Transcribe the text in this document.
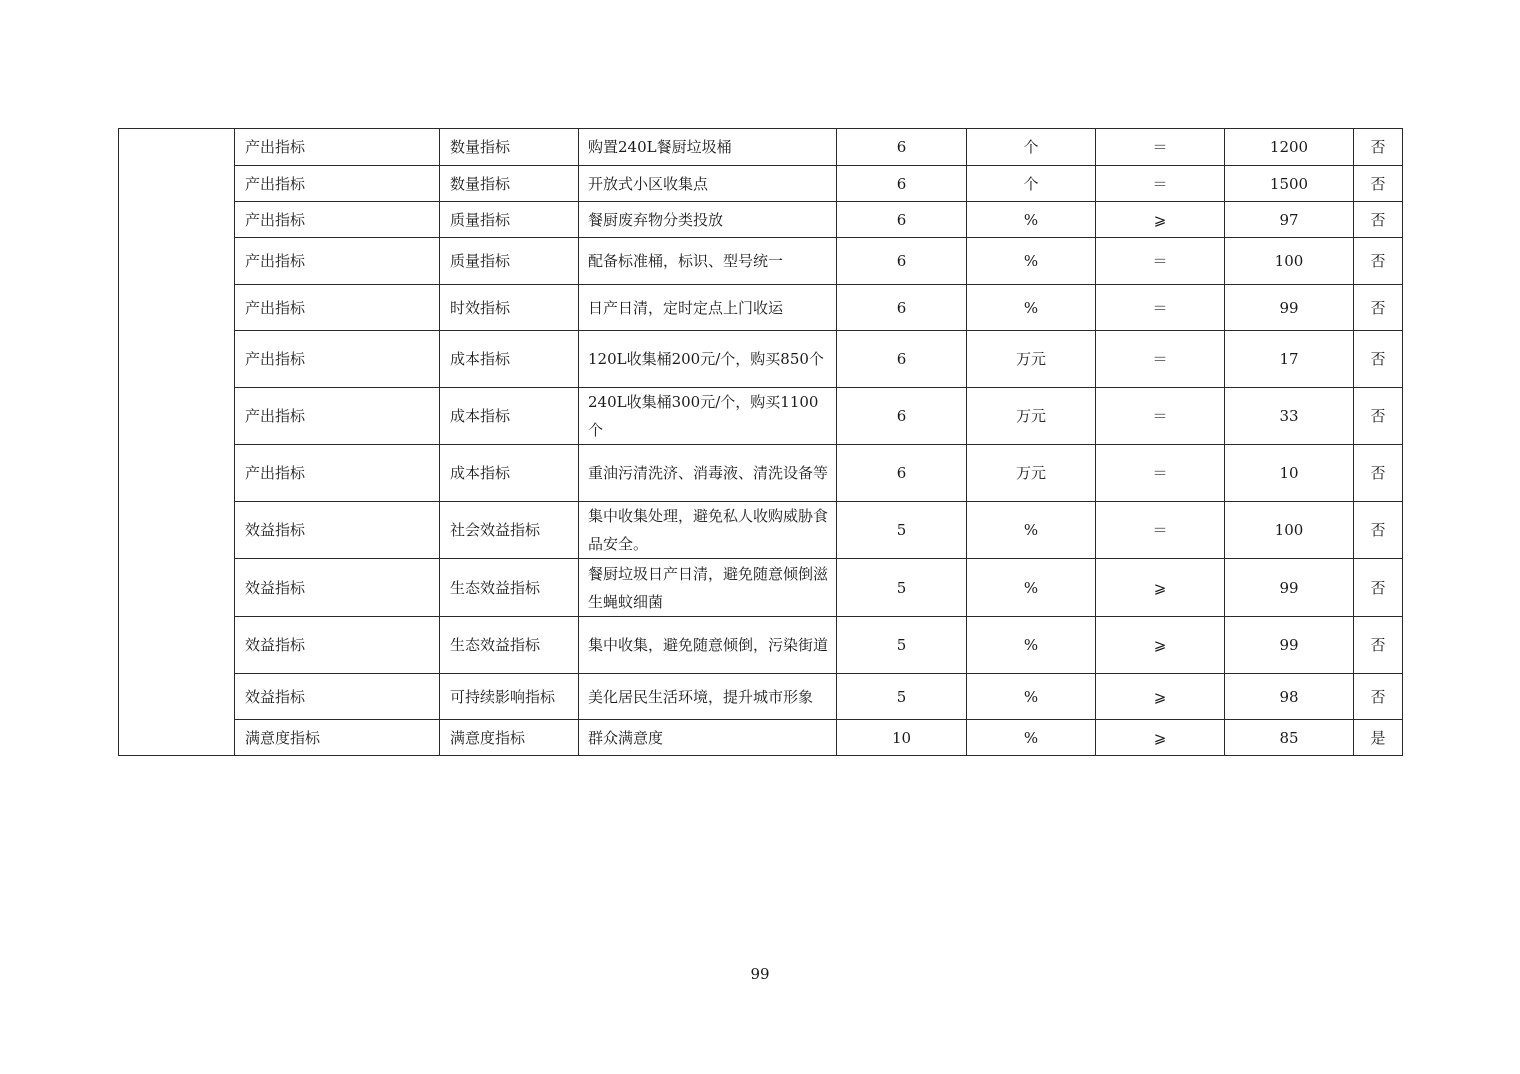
	产出指标	数量指标	购置240L餐厨垃圾桶	6	个	＝	1200	否
	产出指标	数量指标	开放式小区收集点	6	个	＝	1500	否
	产出指标	质量指标	餐厨废弃物分类投放	6	%	⩾	97	否
	产出指标	质量指标	配备标准桶，标识、型号统一	6	%	＝	100	否
	产出指标	时效指标	日产日清，定时定点上门收运	6	%	＝	99	否
	产出指标	成本指标	120L收集桶200元/个，购买850个	6	万元	＝	17	否
	产出指标	成本指标	240L收集桶300元/个，购买1100个	6	万元	＝	33	否
	产出指标	成本指标	重油污清洗济、消毒液、清洗设备等	6	万元	＝	10	否
	效益指标	社会效益指标	集中收集处理，避免私人收购威胁食品安全。	5	%	＝	100	否
	效益指标	生态效益指标	餐厨垃圾日产日清，避免随意倾倒滋生蝇蚊细菌	5	%	⩾	99	否
	效益指标	生态效益指标	集中收集，避免随意倾倒，污染街道	5	%	⩾	99	否
	效益指标	可持续影响指标	美化居民生活环境，提升城市形象	5	%	⩾	98	否
	满意度指标	满意度指标	群众满意度	10	%	⩾	85	是
99
